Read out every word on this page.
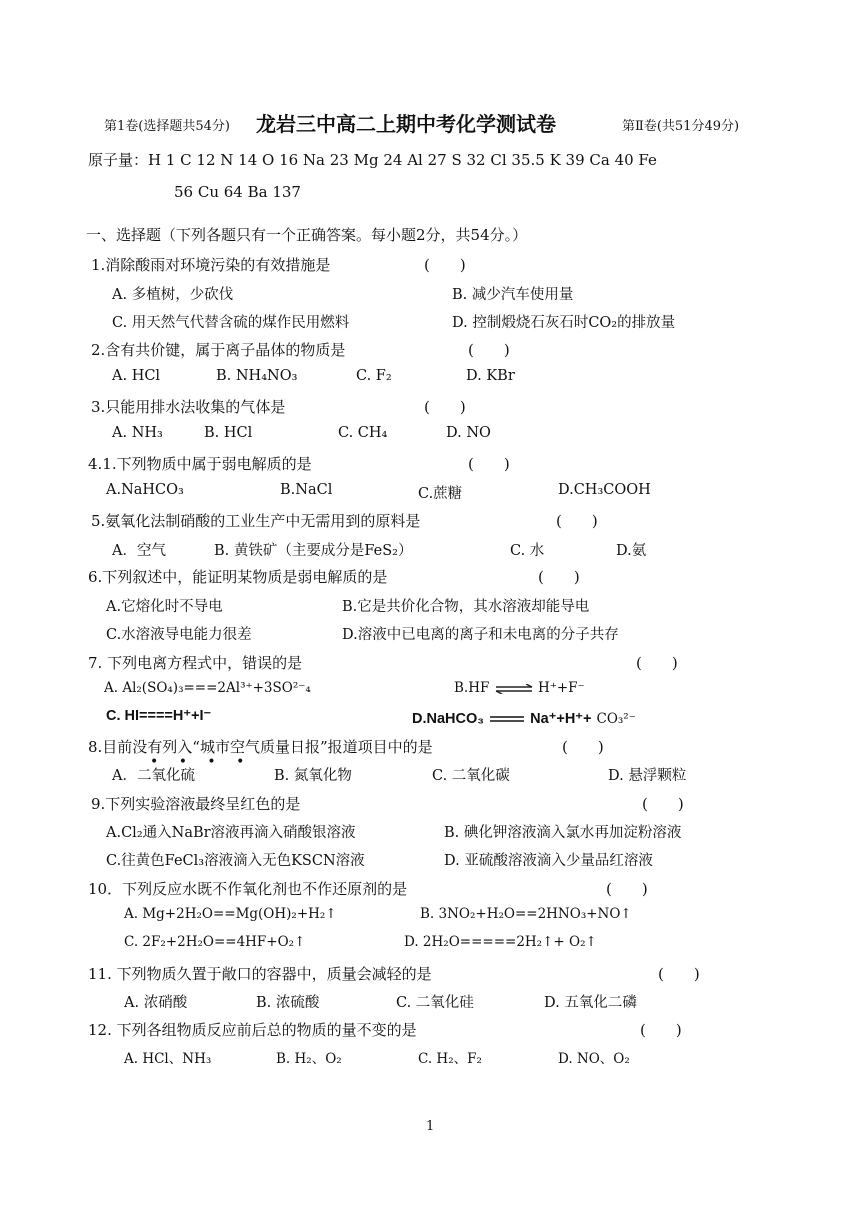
第1卷(选择题共54分) 龙岩三中高二上期中考化学测试卷	第Ⅱ卷(共51分49分)
原子量：H 1 C 12 N 14 O 16 Na 23 Mg 24 Al 27 S 32 Cl 35.5 K 39 Ca 40 Fe
56 Cu 64 Ba 137
一、选择题（下列各题只有一个正确答案。每小题2分，共54分。）
1.消除酸雨对环境污染的有效措施是	(　　)
A. 多植树，少砍伐	B. 减少汽车使用量
C. 用天然气代替含硫的煤作民用燃料	D. 控制煅烧石灰石时CO₂的排放量
2.含有共价键，属于离子晶体的物质是	(　　)
A. HCl	B. NH₄NO₃	C. F₂	D. KBr
3.只能用排水法收集的气体是	(　　)
A. NH₃	B. HCl	C. CH₄	D. NO
4.1.下列物质中属于弱电解质的是	(　　)
A.NaHCO₃	B.NaCl	C.蔗糖	D.CH₃COOH
5.氨氧化法制硝酸的工业生产中无需用到的原料是	(　　)
A．空气	B. 黄铁矿（主要成分是FeS₂）	C. 水	D.氨
6.下列叙述中，能证明某物质是弱电解质的是	(　　)
A.它熔化时不导电	B.它是共价化合物，其水溶液却能导电
C.水溶液导电能力很差	D.溶液中已电离的离子和未电离的分子共存
7. 下列电离方程式中，错误的是	(　　)
A. Al₂(SO₄)₃===2Al³⁺+3SO²⁻₄	B.HF ⇌ H⁺+F⁻
C. HI====H⁺+I⁻	D.NaHCO₃	Na⁺+H⁺+ CO₃²⁻
8.目前没有列入“城市空气质量日报”报道项目中的是
• • • •
(　　)
A．二氧化硫	B. 氮氧化物	C. 二氧化碳	D. 悬浮颗粒
9.下列实验溶液最终呈红色的是	(　　)
A.Cl₂通入NaBr溶液再滴入硝酸银溶液	B. 碘化钾溶液滴入氯水再加淀粉溶液
C.往黄色FeCl₃溶液滴入无色KSCN溶液	D. 亚硫酸溶液滴入少量品红溶液
10．下列反应水既不作氧化剂也不作还原剂的是	(　　)
A. Mg+2H₂O==Mg(OH)₂+H₂↑	B. 3NO₂+H₂O==2HNO₃+NO↑
C. 2F₂+2H₂O==4HF+O₂↑	D. 2H₂O=====2H₂↑+ O₂↑
11. 下列物质久置于敞口的容器中，质量会减轻的是	(　　)
A. 浓硝酸	B. 浓硫酸	C. 二氧化硅	D. 五氧化二磷
12. 下列各组物质反应前后总的物质的量不变的是	(　　)
A. HCl、NH₃	B. H₂、O₂	C. H₂、F₂	D. NO、O₂
1
